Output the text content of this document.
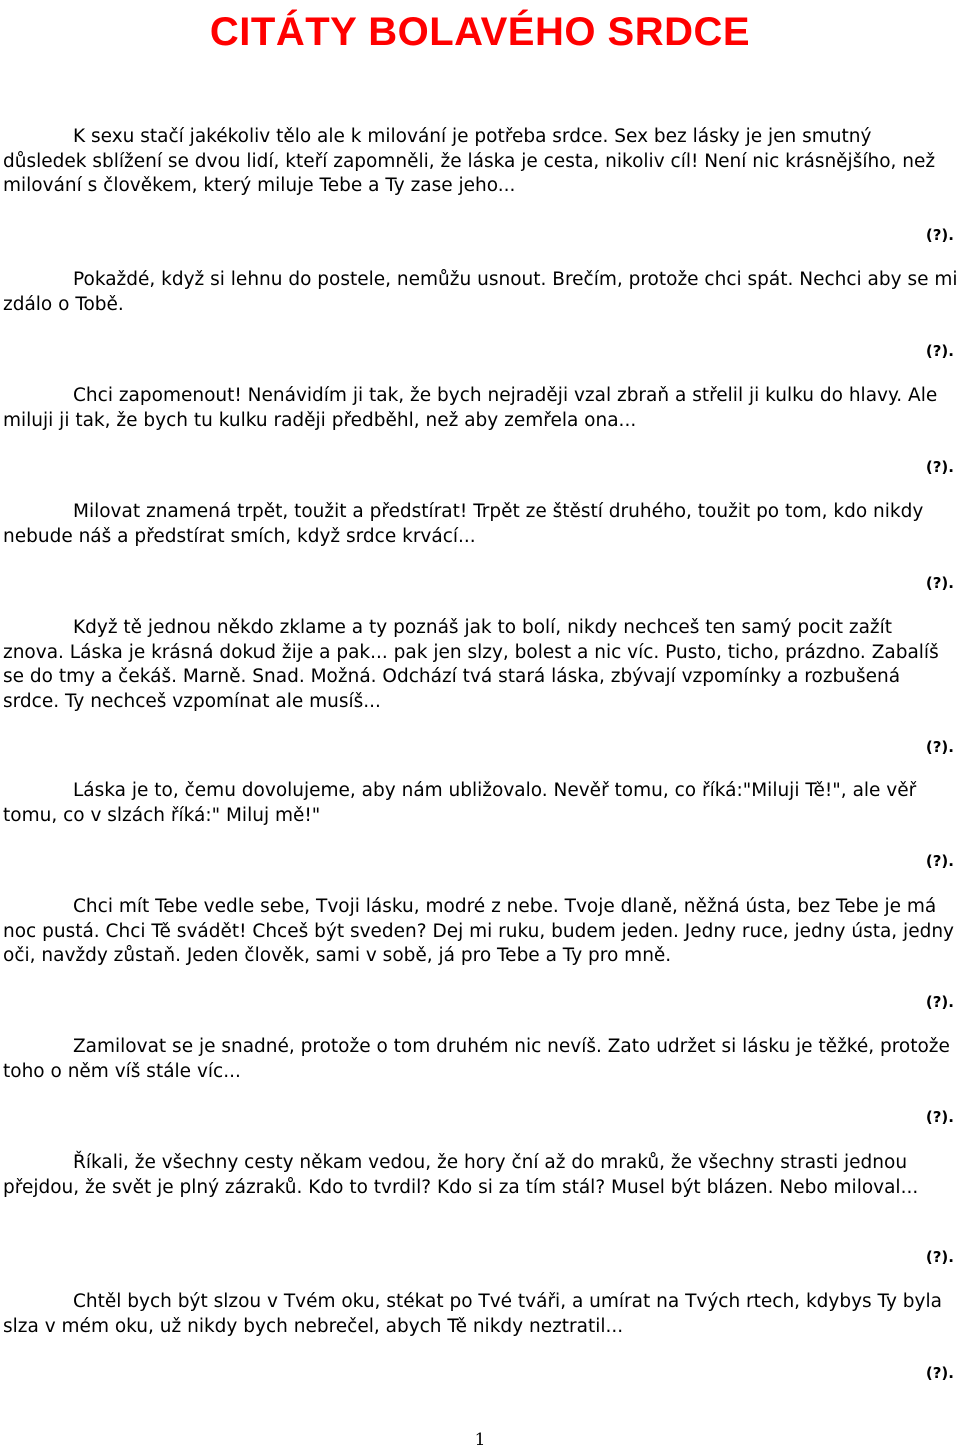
CITÁTY BOLAVÉHO SRDCE

K sexu stačí jakékoliv tělo ale k milování je potřeba srdce. Sex bez lásky je jen smutný důsledek sblížení se dvou lidí, kteří zapomněli, že láska je cesta, nikoliv cíl! Není nic krásnějšího, než milování s člověkem, který miluje Tebe a Ty zase jeho...

(?).

Pokaždé, když si lehnu do postele, nemůžu usnout. Brečím, protože chci spát. Nechci aby se mi zdálo o Tobě.

(?).

Chci zapomenout! Nenávidím ji tak, že bych nejraději vzal zbraň a střelil ji kulku do hlavy. Ale miluji ji tak, že bych tu kulku raději předběhl, než aby zemřela ona...

(?).

Milovat znamená trpět, toužit a předstírat! Trpět ze štěstí druhého, toužit po tom, kdo nikdy nebude náš a předstírat smích, když srdce krvácí...

(?).

Když tě jednou někdo zklame a ty poznáš jak to bolí, nikdy nechceš ten samý pocit zažít znova. Láska je krásná dokud žije a pak... pak jen slzy, bolest a nic víc. Pusto, ticho, prázdno. Zabalíš se do tmy a čekáš. Marně. Snad. Možná. Odchází tvá stará láska, zbývají vzpomínky a rozbušená srdce. Ty nechceš vzpomínat ale musíš...

(?).

Láska je to, čemu dovolujeme, aby nám ubližovalo. Nevěř tomu, co říká:"Miluji Tě!", ale věř tomu, co v slzách říká:" Miluj mě!"

(?).

Chci mít Tebe vedle sebe, Tvoji lásku, modré z nebe. Tvoje dlaně, něžná ústa, bez Tebe je má noc pustá. Chci Tě svádět! Chceš být sveden? Dej mi ruku, budem jeden. Jedny ruce, jedny ústa, jedny oči, navždy zůstaň. Jeden člověk, sami v sobě, já pro Tebe a Ty pro mně.

(?).

Zamilovat se je snadné, protože o tom druhém nic nevíš. Zato udržet si lásku je těžké, protože toho o něm víš stále víc...

(?).

Říkali, že všechny cesty někam vedou, že hory ční až do mraků, že všechny strasti jednou přejdou, že svět je plný zázraků. Kdo to tvrdil? Kdo si za tím stál? Musel být blázen. Nebo miloval...

(?).

Chtěl bych být slzou v Tvém oku, stékat po Tvé tváři, a umírat na Tvých rtech, kdybys Ty byla slza v mém oku, už nikdy bych nebrečel, abych Tě nikdy neztratil...

(?).
1
